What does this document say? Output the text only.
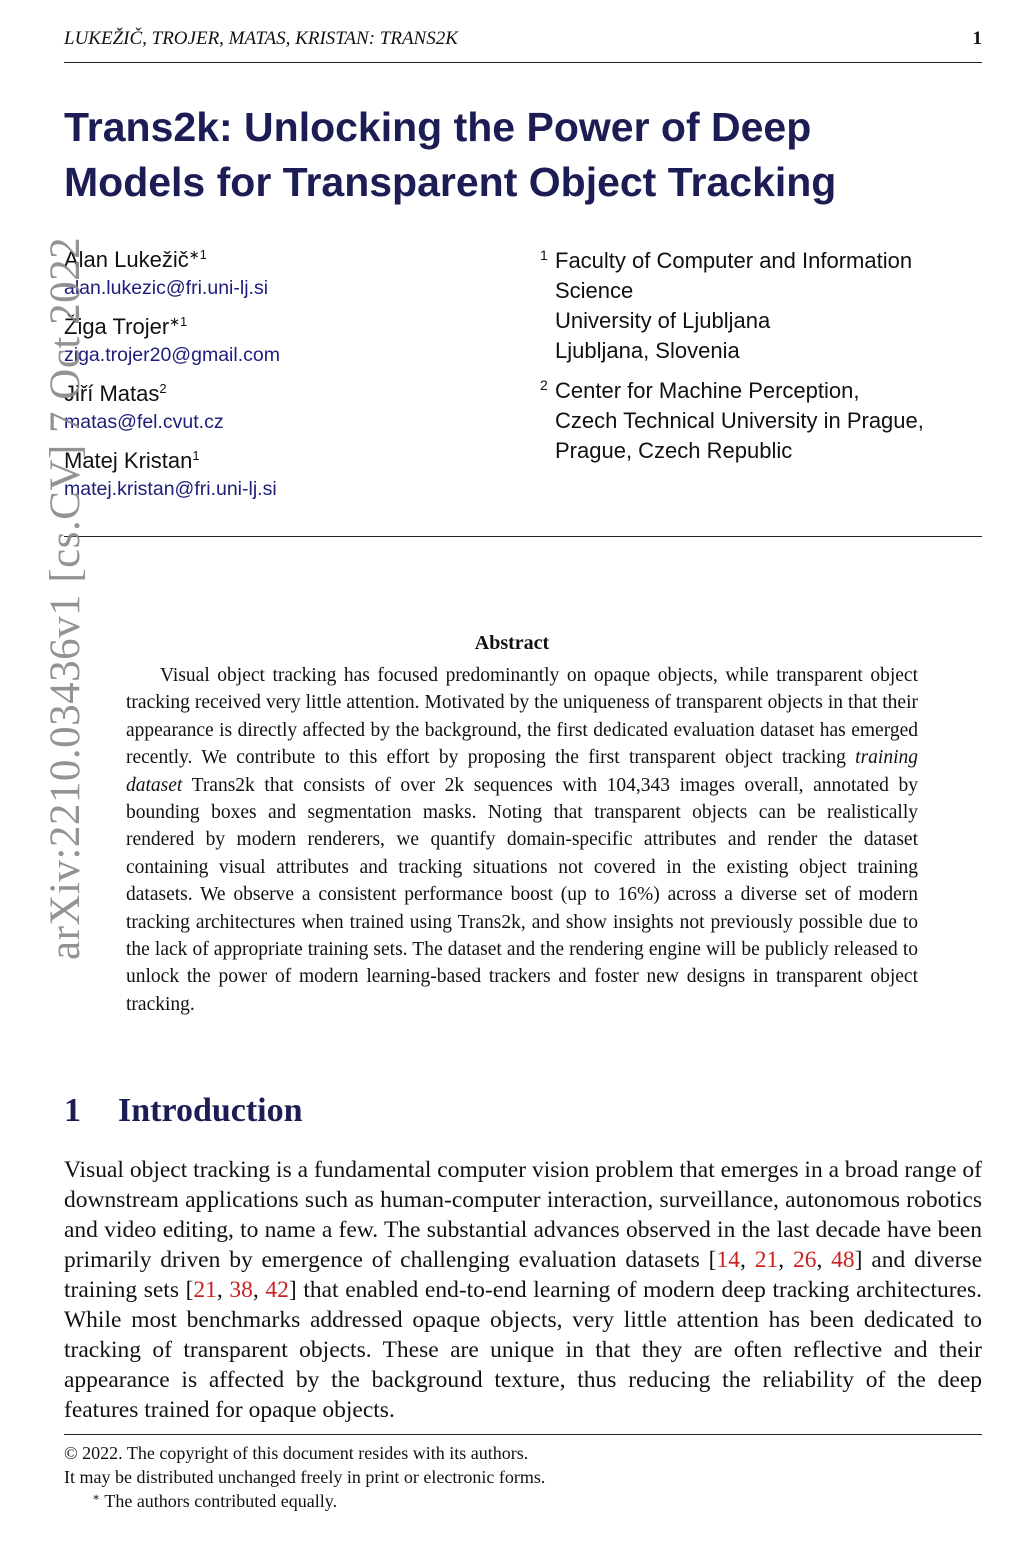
LUKEŽIČ, TROJER, MATAS, KRISTAN: TRANS2K	1
Trans2k: Unlocking the Power of Deep
Models for Transparent Object Tracking
Alan Lukežič$^{∗1}$
alan.lukezic@fri.uni-lj.si
Žiga Trojer$^{∗1}$
ziga.trojer20@gmail.com
Jiří Matas$^2$
matas@fel.cvut.cz
Matej Kristan$^1$
matej.kristan@fri.uni-lj.si
1 Faculty of Computer and Information
Science
University of Ljubljana
Ljubljana, Slovenia
2 Center for Machine Perception,
Czech Technical University in Prague,
Prague, Czech Republic
Abstract

Visual object tracking has focused predominantly on opaque objects, while transparent object tracking received very little attention. Motivated by the uniqueness of transparent objects in that their appearance is directly affected by the background, the first dedicated evaluation dataset has emerged recently. We contribute to this effort by proposing the first transparent object tracking training dataset Trans2k that consists of over 2k sequences with 104,343 images overall, annotated by bounding boxes and segmentation masks. Noting that transparent objects can be realistically rendered by modern renderers, we quantify domain-specific attributes and render the dataset containing visual attributes and tracking situations not covered in the existing object training datasets. We observe a consistent performance boost (up to 16%) across a diverse set of modern tracking architectures when trained using Trans2k, and show insights not previously possible due to the lack of appropriate training sets. The dataset and the rendering engine will be publicly released to unlock the power of modern learning-based trackers and foster new designs in transparent object tracking.

1 Introduction

Visual object tracking is a fundamental computer vision problem that emerges in a broad range of downstream applications such as human-computer interaction, surveillance, autonomous robotics and video editing, to name a few. The substantial advances observed in the last decade have been primarily driven by emergence of challenging evaluation datasets [14, 21, 26, 48] and diverse training sets [21, 38, 42] that enabled end-to-end learning of modern deep tracking architectures. While most benchmarks addressed opaque objects, very little attention has been dedicated to tracking of transparent objects. These are unique in that they are often reflective and their appearance is affected by the background texture, thus reducing the reliability of the deep features trained for opaque objects.

© 2022. The copyright of this document resides with its authors.
It may be distributed unchanged freely in print or electronic forms.
∗ The authors contributed equally.
arXiv:2210.03436v1 [cs.CV] 7 Oct 2022
